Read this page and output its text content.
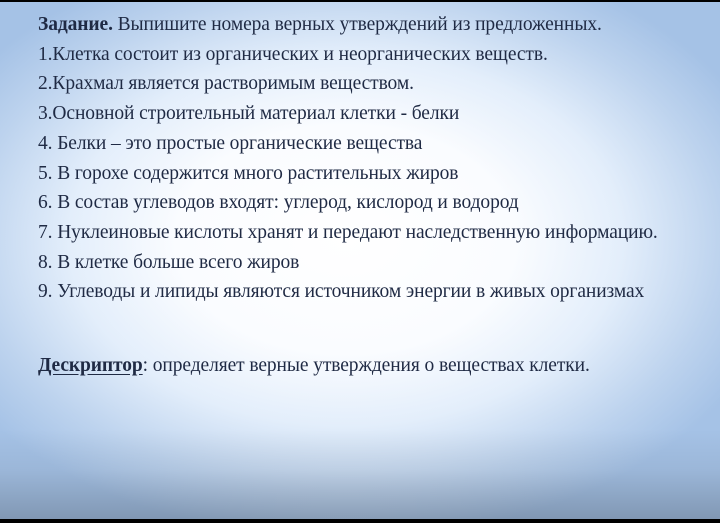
Задание. Выпишите номера верных утверждений из предложенных.

1.Клетка состоит из органических и неорганических веществ.

2.Крахмал является растворимым веществом.

3.Основной строительный материал клетки - белки

4. Белки – это простые органические вещества

5. В горохе содержится много растительных жиров

6. В состав углеводов входят: углерод, кислород и водород

7. Нуклеиновые кислоты хранят и передают наследственную информацию.

8. В клетке больше всего жиров

9. Углеводы и липиды являются источником энергии в живых организмах

Дескриптор: определяет верные утверждения о веществах клетки.
